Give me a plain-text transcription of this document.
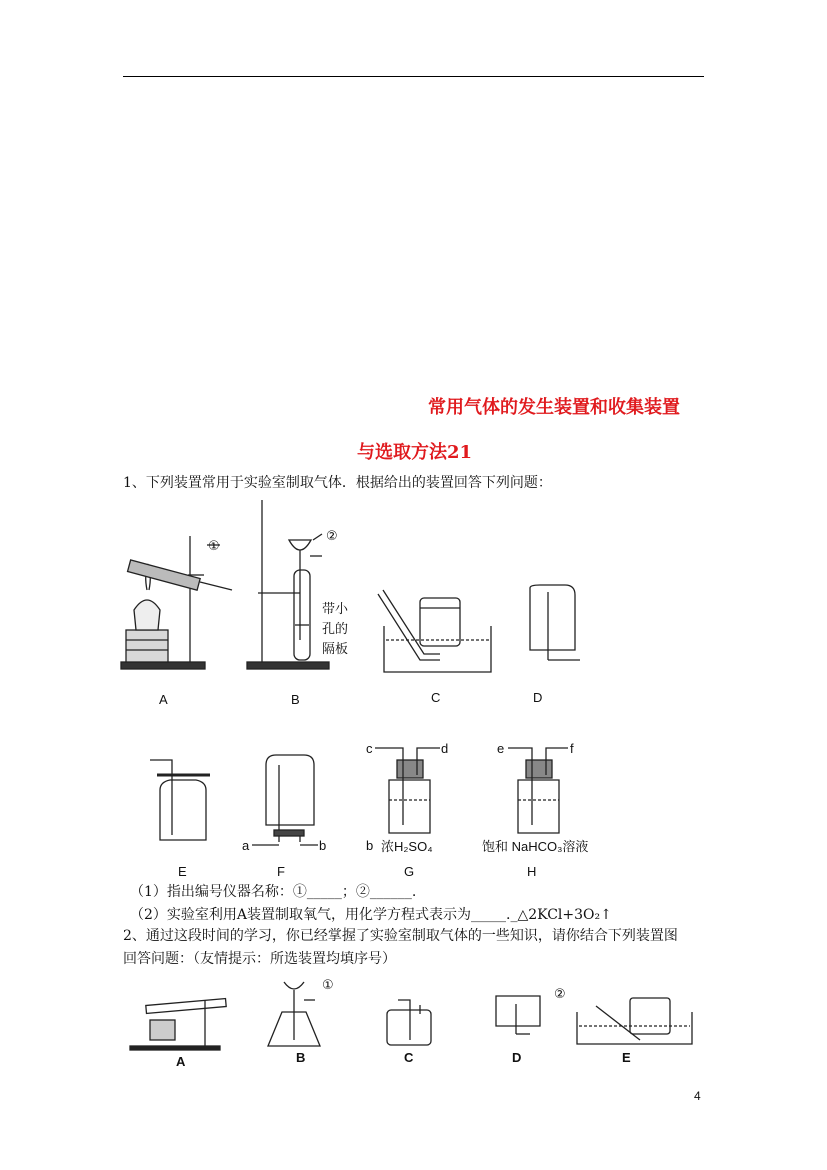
常用气体的发生装置和收集装置
与选取方法21
1、下列装置常用于实验室制取气体．根据给出的装置回答下列问题：
①
②
带小
孔的
隔板
A	B	C	D
c	d	e	f
a	b	b 浓H₂SO₄	饱和 NaHCO₃溶液
E	F	G	H
（1）指出编号仪器名称：①_____；②______.
（2）实验室利用A装置制取氧气，用化学方程式表示为_____._△2KCl+3O₂↑
2、通过这段时间的学习，你已经掌握了实验室制取气体的一些知识，请你结合下列装置图
回答问题：（友情提示：所选装置均填序号）
①
②
A	B	C	D	E
4
